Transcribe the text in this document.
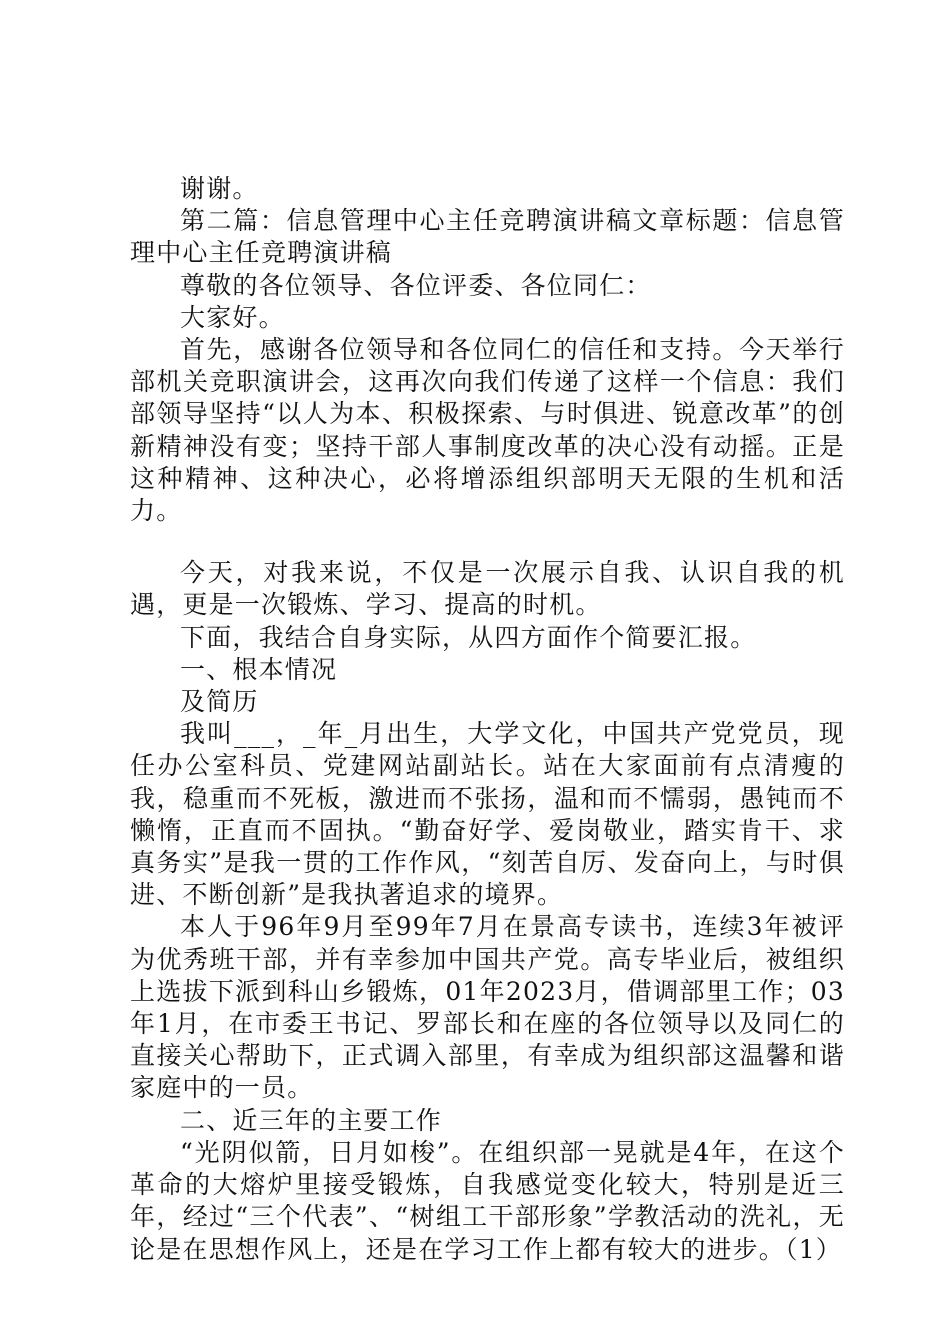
谢谢。

第二篇：信息管理中心主任竞聘演讲稿文章标题：信息管理中心主任竞聘演讲稿

尊敬的各位领导、各位评委、各位同仁：

大家好。

首先，感谢各位领导和各位同仁的信任和支持。今天举行部机关竞职演讲会，这再次向我们传递了这样一个信息：我们部领导坚持“以人为本、积极探索、与时俱进、锐意改革”的创新精神没有变；坚持干部人事制度改革的决心没有动摇。正是这种精神、这种决心，必将增添组织部明天无限的生机和活力。

今天，对我来说，不仅是一次展示自我、认识自我的机遇，更是一次锻炼、学习、提高的时机。

下面，我结合自身实际，从四方面作个简要汇报。

一、根本情况

及简历

我叫___，_年_月出生，大学文化，中国共产党党员，现任办公室科员、党建网站副站长。站在大家面前有点清瘦的我，稳重而不死板，激进而不张扬，温和而不懦弱，愚钝而不懒惰，正直而不固执。“勤奋好学、爱岗敬业，踏实肯干、求真务实”是我一贯的工作作风，“刻苦自厉、发奋向上，与时俱进、不断创新”是我执著追求的境界。

本人于96年9月至99年7月在景高专读书，连续3年被评为优秀班干部，并有幸参加中国共产党。高专毕业后，被组织上选拔下派到科山乡锻炼，01年2023月，借调部里工作；03年1月，在市委王书记、罗部长和在座的各位领导以及同仁的直接关心帮助下，正式调入部里，有幸成为组织部这温馨和谐家庭中的一员。

二、近三年的主要工作

“光阴似箭，日月如梭”。在组织部一晃就是4年，在这个革命的大熔炉里接受锻炼，自我感觉变化较大，特别是近三年，经过“三个代表”、“树组工干部形象”学教活动的洗礼，无论是在思想作风上，还是在学习工作上都有较大的进步。（1）
